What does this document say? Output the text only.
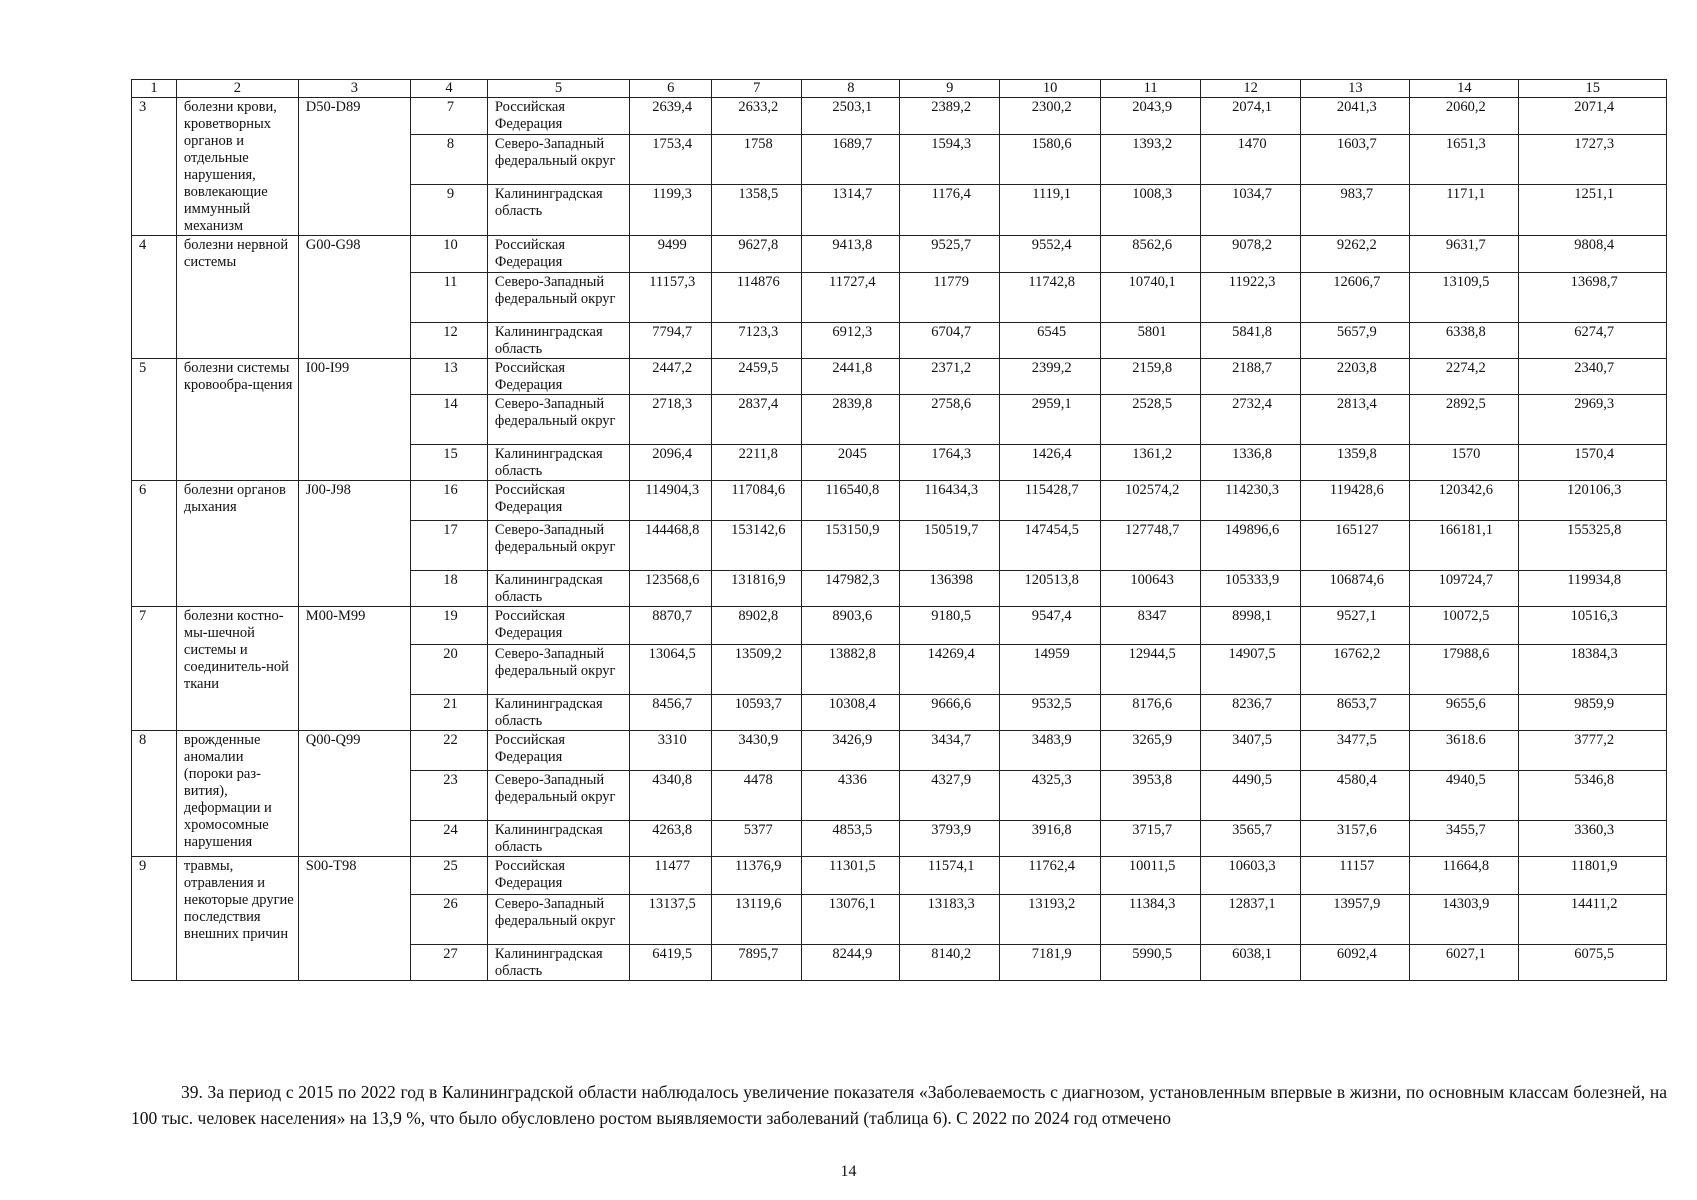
1	2	3	4	5	6	7	8	9	10	11	12	13	14	15
3	болезни крови, кроветворных органов и отдельные нарушения, вовлекающие иммунный механизм	D50-D89	7	Российская Федерация	2639,4	2633,2	2503,1	2389,2	2300,2	2043,9	2074,1	2041,3	2060,2	2071,4
			8	Северо-Западный федеральный округ	1753,4	1758	1689,7	1594,3	1580,6	1393,2	1470	1603,7	1651,3	1727,3
			9	Калининградская область	1199,3	1358,5	1314,7	1176,4	1119,1	1008,3	1034,7	983,7	1171,1	1251,1
4	болезни нервной системы	G00-G98	10	Российская Федерация	9499	9627,8	9413,8	9525,7	9552,4	8562,6	9078,2	9262,2	9631,7	9808,4
			11	Северо-Западный федеральный округ	11157,3	114876	11727,4	11779	11742,8	10740,1	11922,3	12606,7	13109,5	13698,7
			12	Калининградская область	7794,7	7123,3	6912,3	6704,7	6545	5801	5841,8	5657,9	6338,8	6274,7
5	болезни системы кровообра-щения	I00-I99	13	Российская Федерация	2447,2	2459,5	2441,8	2371,2	2399,2	2159,8	2188,7	2203,8	2274,2	2340,7
			14	Северо-Западный федеральный округ	2718,3	2837,4	2839,8	2758,6	2959,1	2528,5	2732,4	2813,4	2892,5	2969,3
			15	Калининградская область	2096,4	2211,8	2045	1764,3	1426,4	1361,2	1336,8	1359,8	1570	1570,4
6	болезни органов дыхания	J00-J98	16	Российская Федерация	114904,3	117084,6	116540,8	116434,3	115428,7	102574,2	114230,3	119428,6	120342,6	120106,3
			17	Северо-Западный федеральный округ	144468,8	153142,6	153150,9	150519,7	147454,5	127748,7	149896,6	165127	166181,1	155325,8
			18	Калининградская область	123568,6	131816,9	147982,3	136398	120513,8	100643	105333,9	106874,6	109724,7	119934,8
7	болезни костно-мы-шечной системы и соединитель-ной ткани	M00-M99	19	Российская Федерация	8870,7	8902,8	8903,6	9180,5	9547,4	8347	8998,1	9527,1	10072,5	10516,3
			20	Северо-Западный федеральный округ	13064,5	13509,2	13882,8	14269,4	14959	12944,5	14907,5	16762,2	17988,6	18384,3
			21	Калининградская область	8456,7	10593,7	10308,4	9666,6	9532,5	8176,6	8236,7	8653,7	9655,6	9859,9
8	врожденные аномалии (пороки раз-вития), деформации и хромосомные нарушения	Q00-Q99	22	Российская Федерация	3310	3430,9	3426,9	3434,7	3483,9	3265,9	3407,5	3477,5	3618.6	3777,2
			23	Северо-Западный федеральный округ	4340,8	4478	4336	4327,9	4325,3	3953,8	4490,5	4580,4	4940,5	5346,8
			24	Калининградская область	4263,8	5377	4853,5	3793,9	3916,8	3715,7	3565,7	3157,6	3455,7	3360,3
9	травмы, отравления и некоторые другие последствия внешних причин	S00-T98	25	Российская Федерация	11477	11376,9	11301,5	11574,1	11762,4	10011,5	10603,3	11157	11664,8	11801,9
			26	Северо-Западный федеральный округ	13137,5	13119,6	13076,1	13183,3	13193,2	11384,3	12837,1	13957,9	14303,9	14411,2
			27	Калининградская область	6419,5	7895,7	8244,9	8140,2	7181,9	5990,5	6038,1	6092,4	6027,1	6075,5

39. За период с 2015 по 2022 год в Калининградской области наблюдалось увеличение показателя «Заболеваемость с диагнозом, установленным впервые в жизни, по основным классам болезней, на 100 тыс. человек населения» на 13,9 %, что было обусловлено ростом выявляемости заболеваний (таблица 6). С 2022 по 2024 год отмечено

14
